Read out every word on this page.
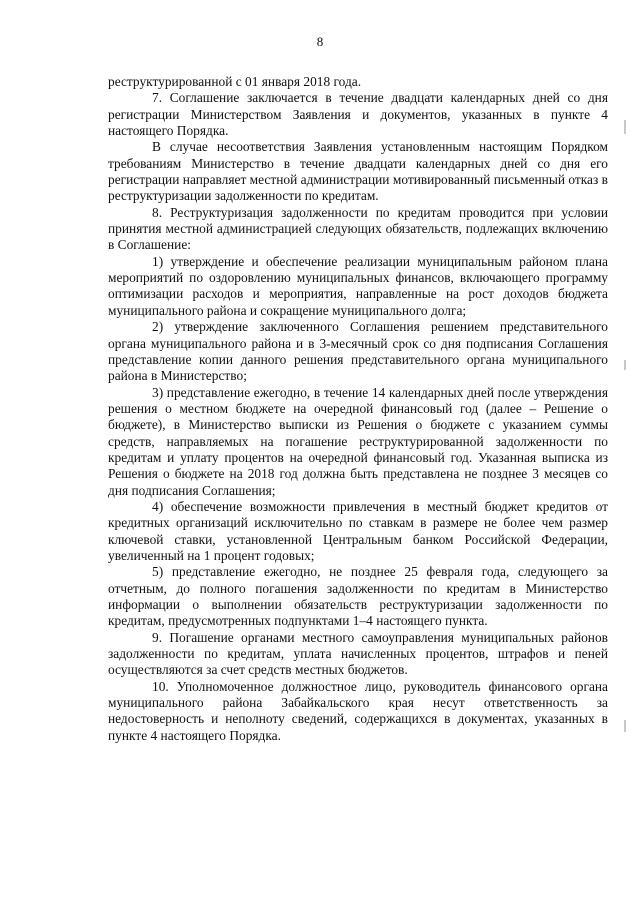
8

реструктурированной с 01 января 2018 года.

7. Соглашение заключается в течение двадцати календарных дней со дня регистрации Министерством Заявления и документов, указанных в пункте 4 настоящего Порядка.

В случае несоответствия Заявления установленным настоящим Порядком требованиям Министерство в течение двадцати календарных дней со дня его регистрации направляет местной администрации мотивированный письменный отказ в реструктуризации задолженности по кредитам.

8. Реструктуризация задолженности по кредитам проводится при условии принятия местной администрацией следующих обязательств, подлежащих включению в Соглашение:

1) утверждение и обеспечение реализации муниципальным районом плана мероприятий по оздоровлению муниципальных финансов, включающего программу оптимизации расходов и мероприятия, направленные на рост доходов бюджета муниципального района и сокращение муниципального долга;

2) утверждение заключенного Соглашения решением представительного органа муниципального района и в 3-месячный срок со дня подписания Соглашения представление копии данного решения представительного органа муниципального района в Министерство;

3) представление ежегодно, в течение 14 календарных дней после утверждения решения о местном бюджете на очередной финансовый год (далее – Решение о бюджете), в Министерство выписки из Решения о бюджете с указанием суммы средств, направляемых на погашение реструктурированной задолженности по кредитам и уплату процентов на очередной финансовый год. Указанная выписка из Решения о бюджете на 2018 год должна быть представлена не позднее 3 месяцев со дня подписания Соглашения;

4) обеспечение возможности привлечения в местный бюджет кредитов от кредитных организаций исключительно по ставкам в размере не более чем размер ключевой ставки, установленной Центральным банком Российской Федерации, увеличенный на 1 процент годовых;

5) представление ежегодно, не позднее 25 февраля года, следующего за отчетным, до полного погашения задолженности по кредитам в Министерство информации о выполнении обязательств реструктуризации задолженности по кредитам, предусмотренных подпунктами 1–4 настоящего пункта.

9. Погашение органами местного самоуправления муниципальных районов задолженности по кредитам, уплата начисленных процентов, штрафов и пеней осуществляются за счет средств местных бюджетов.

10. Уполномоченное должностное лицо, руководитель финансового органа муниципального района Забайкальского края несут ответственность за недостоверность и неполноту сведений, содержащихся в документах, указанных в пункте 4 настоящего Порядка.
